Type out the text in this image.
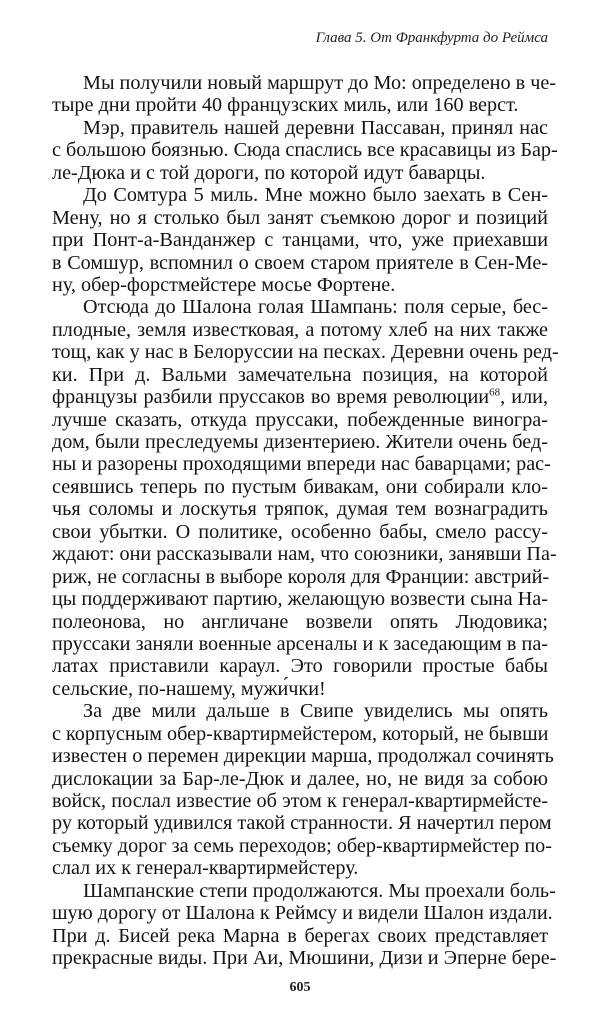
Глава 5. От Франкфурта до Реймса
Мы получили новый маршрут до Мо: определено в че-
тыре дни пройти 40 французских миль, или 160 верст.
Мэр, правитель нашей деревни Пассаван, принял нас
с большою боязнью. Сюда спаслись все красавицы из Бар-
ле-Дюка и с той дороги, по которой идут баварцы.
До Сомтура 5 миль. Мне можно было заехать в Сен-
Мену, но я столько был занят съемкою дорог и позиций
при Понт-а-Ванданжер с танцами, что, уже приехавши
в Сомшур, вспомнил о своем старом приятеле в Сен-Ме-
ну, обер-форстмейстере мосье Фортене.
Отсюда до Шалона голая Шампань: поля серые, бес-
плодные, земля известковая, а потому хлеб на них также
тощ, как у нас в Белоруссии на песках. Деревни очень ред-
ки. При д. Вальми замечательна позиция, на которой
французы разбили пруссаков во время революции$^{68}$, или,
лучше сказать, откуда пруссаки, побежденные виногра-
дом, были преследуемы дизентериею. Жители очень бед-
ны и разорены проходящими впереди нас баварцами; рас-
сеявшись теперь по пустым бивакам, они собирали кло-
чья соломы и лоскутья тряпок, думая тем вознаградить
свои убытки. О политике, особенно бабы, смело рассу-
ждают: они рассказывали нам, что союзники, занявши Па-
риж, не согласны в выборе короля для Франции: австрий-
цы поддерживают партию, желающую возвести сына На-
полеонова, но англичане возвели опять Людовика;
пруссаки заняли военные арсеналы и к заседающим в па-
латах приставили караул. Это говорили простые бабы
сельские, по-нашему, мужи́чки!
За две мили дальше в Свипе увиделись мы опять
с корпусным обер-квартирмейстером, который, не бывши
известен о перемен дирекции марша, продолжал сочинять
дислокации за Бар-ле-Дюк и далее, но, не видя за собою
войск, послал известие об этом к генерал-квартирмейсте-
ру который удивился такой странности. Я начертил пером
съемку дорог за семь переходов; обер-квартирмейстер по-
слал их к генерал-квартирмейстеру.
Шампанские степи продолжаются. Мы проехали боль-
шую дорогу от Шалона к Реймсу и видели Шалон издали.
При д. Бисей река Марна в берегах своих представляет
прекрасные виды. При Аи, Мюшини, Дизи и Эперне бере-
605
